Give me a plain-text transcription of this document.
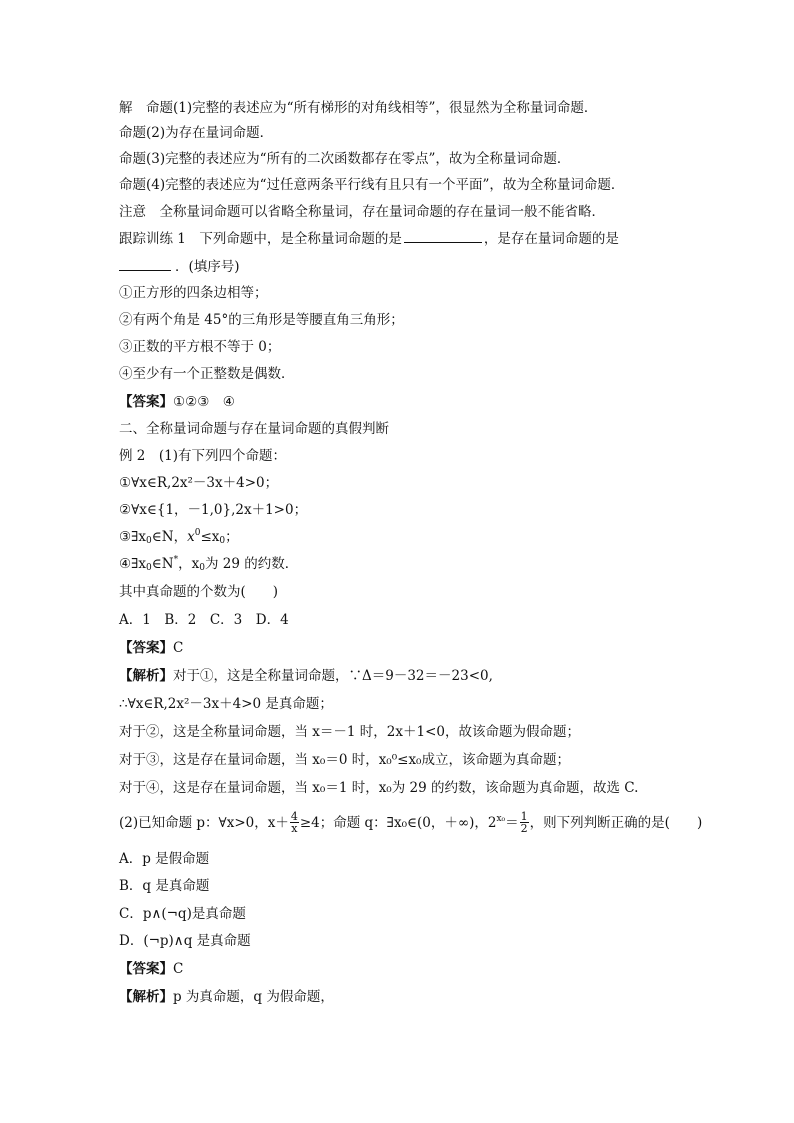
解　命题(1)完整的表述应为“所有梯形的对角线相等”，很显然为全称量词命题．
命题(2)为存在量词命题．
命题(3)完整的表述应为“所有的二次函数都存在零点”，故为全称量词命题．
命题(4)完整的表述应为“过任意两条平行线有且只有一个平面”，故为全称量词命题．
注意　全称量词命题可以省略全称量词，存在量词命题的存在量词一般不能省略．
跟踪训练 1　下列命题中，是全称量词命题的是	，是存在量词命题的是
．(填序号)
①正方形的四条边相等；
②有两个角是 45°的三角形是等腰直角三角形；
③正数的平方根不等于 0；
④至少有一个正整数是偶数．
【答案】①②③　④
二、全称量词命题与存在量词命题的真假判断
例 2　(1)有下列四个命题：
①∀x∈R,2x²－3x＋4>0；
②∀x∈{1，－1,0},2x＋1>0；
$③\exists x_0\in N$，$x^0\le x_0$；
$④\exists x_0\in N^*$，$x_0$为 29 的约数．
其中真命题的个数为(　　)
A．1　B．2　C．3　D．4
【答案】C
【解析】对于①，这是全称量词命题，∵Δ＝9－32＝－23<0,
∴∀x∈R,2x²－3x＋4>0 是真命题；
对于②，这是全称量词命题，当 x＝－1 时，2x＋1<0，故该命题为假命题；
对于③，这是存在量词命题，当 x₀＝0 时，x₀⁰≤x₀成立，该命题为真命题；
对于④，这是存在量词命题，当 x₀＝1 时，x₀为 29 的约数，该命题为真命题，故选 C.
(2)已知命题 p：∀x>0，$x+ \frac{4}{x} \ge 4$；命题 q：∃x₀∈(0，＋∞)，$2^{x_0}= \frac{1}{2}$ ，则下列判断正确的是(　　)
A．p 是假命题
B．q 是真命题
C．p∧(¬q)是真命题
D．(¬p)∧q 是真命题
【答案】C
【解析】p 为真命题，q 为假命题，
